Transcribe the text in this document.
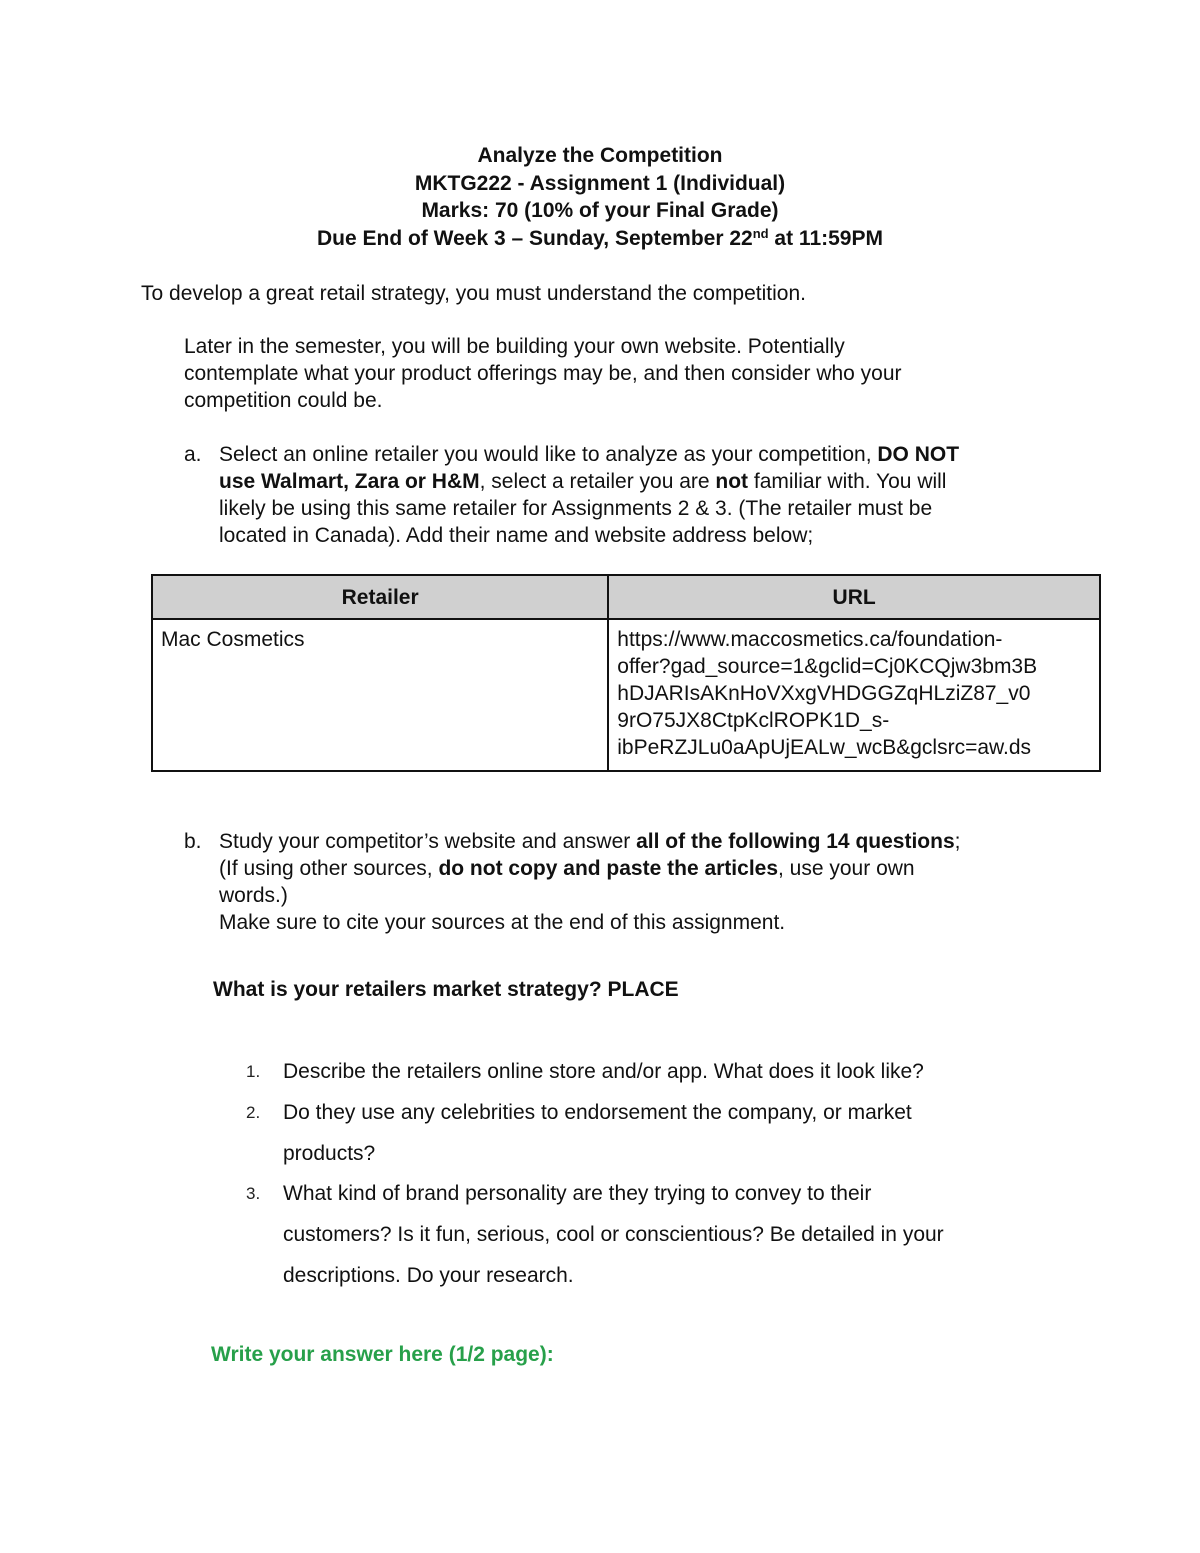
Analyze the Competition
MKTG222 - Assignment 1 (Individual)
Marks: 70 (10% of your Final Grade)
Due End of Week 3 – Sunday, September 22nd at 11:59PM
To develop a great retail strategy, you must understand the competition.
Later in the semester, you will be building your own website. Potentially
contemplate what your product offerings may be, and then consider who your
competition could be.
a. Select an online retailer you would like to analyze as your competition, DO NOT
use Walmart, Zara or H&M, select a retailer you are not familiar with. You will
likely be using this same retailer for Assignments 2 & 3. (The retailer must be
located in Canada). Add their name and website address below;
Retailer	URL
Mac Cosmetics	https://www.maccosmetics.ca/foundation-
offer?gad_source=1&gclid=Cj0KCQjw3bm3B
hDJARIsAKnHoVXxgVHDGGZqHLziZ87_v0
9rO75JX8CtpKclROPK1D_s-
ibPeRZJLu0aApUjEALw_wcB&gclsrc=aw.ds
b. Study your competitor’s website and answer all of the following 14 questions;
(If using other sources, do not copy and paste the articles, use your own
words.)
Make sure to cite your sources at the end of this assignment.
What is your retailers market strategy? PLACE
1. Describe the retailers online store and/or app. What does it look like?
2. Do they use any celebrities to endorsement the company, or market
products?
3. What kind of brand personality are they trying to convey to their
customers? Is it fun, serious, cool or conscientious? Be detailed in your
descriptions. Do your research.
Write your answer here (1/2 page):
